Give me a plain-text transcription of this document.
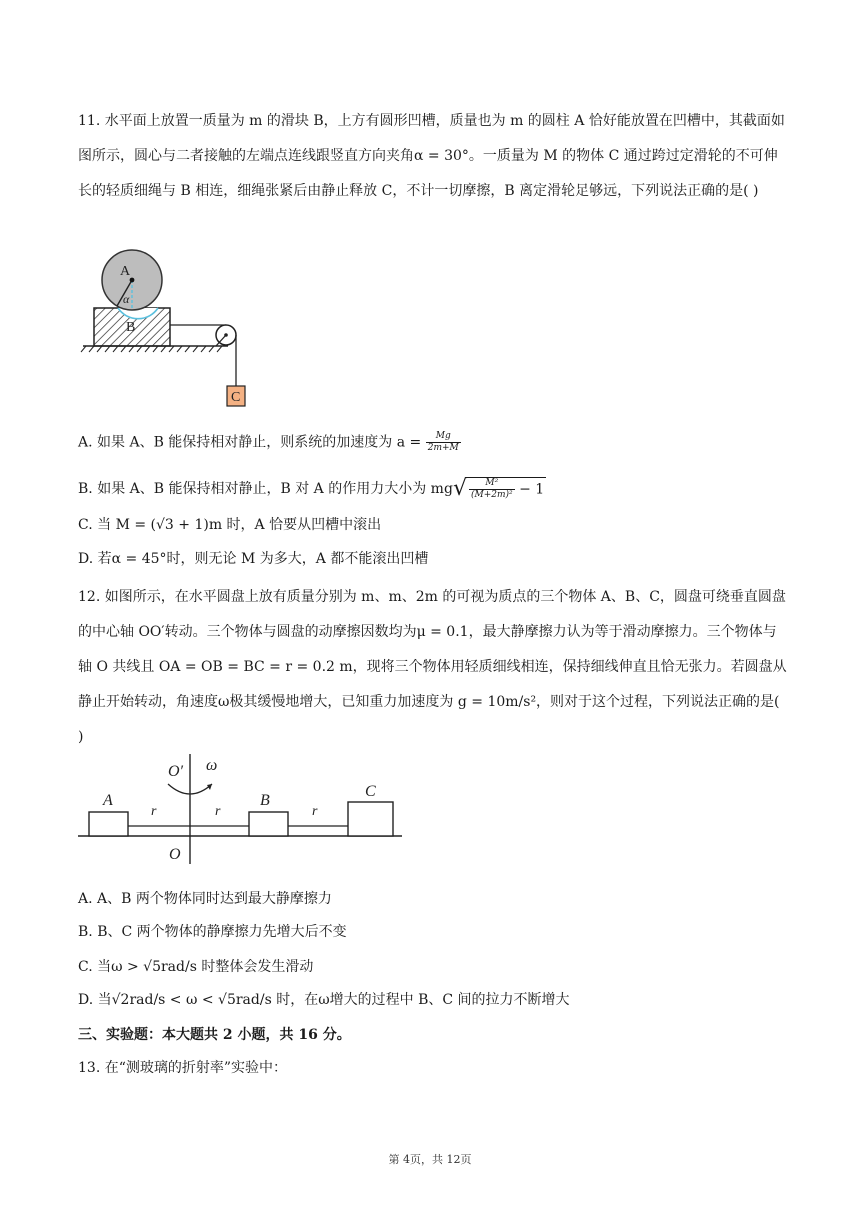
11. 水平面上放置一质量为 m 的滑块 B，上方有圆形凹槽，质量也为 m 的圆柱 A 恰好能放置在凹槽中，其截面如图所示，圆心与二者接触的左端点连线跟竖直方向夹角α = 30°。一质量为 M 的物体 C 通过跨过定滑轮的不可伸长的轻质细绳与 B 相连，细绳张紧后由静止释放 C，不计一切摩擦，B 离定滑轮足够远，下列说法正确的是( )
A
α
B
C
A. 如果 A、B 能保持相对静止，则系统的加速度为 $a = \frac{Mg}{2m+M}$
B. 如果 A、B 能保持相对静止，B 对 A 的作用力大小为 $mg√ \frac{\text{M²}}{\text{(M+2m)²}} - 1$
C. 当 M = (√3 + 1)m 时，A 恰要从凹槽中滚出
D. 若α = 45°时，则无论 M 为多大，A 都不能滚出凹槽
12. 如图所示，在水平圆盘上放有质量分别为 m、m、2m 的可视为质点的三个物体 A、B、C，圆盘可绕垂直圆盘的中心轴 OO′转动。三个物体与圆盘的动摩擦因数均为μ = 0.1，最大静摩擦力认为等于滑动摩擦力。三个物体与轴 O 共线且 OA = OB = BC = r = 0.2 m，现将三个物体用轻质细线相连，保持细线伸直且恰无张力。若圆盘从静止开始转动，角速度ω极其缓慢地增大，已知重力加速度为 g = 10m/s²，则对于这个过程，下列说法正确的是( )
O′ ω
A	B
C
r	r	r
O
A. A、B 两个物体同时达到最大静摩擦力
B. B、C 两个物体的静摩擦力先增大后不变
C. 当ω > √5rad/s 时整体会发生滑动
D. 当√2rad/s < ω < √5rad/s 时，在ω增大的过程中 B、C 间的拉力不断增大
三、实验题：本大题共 2 小题，共 16 分。
13. 在“测玻璃的折射率”实验中：
第 4页，共 12页
